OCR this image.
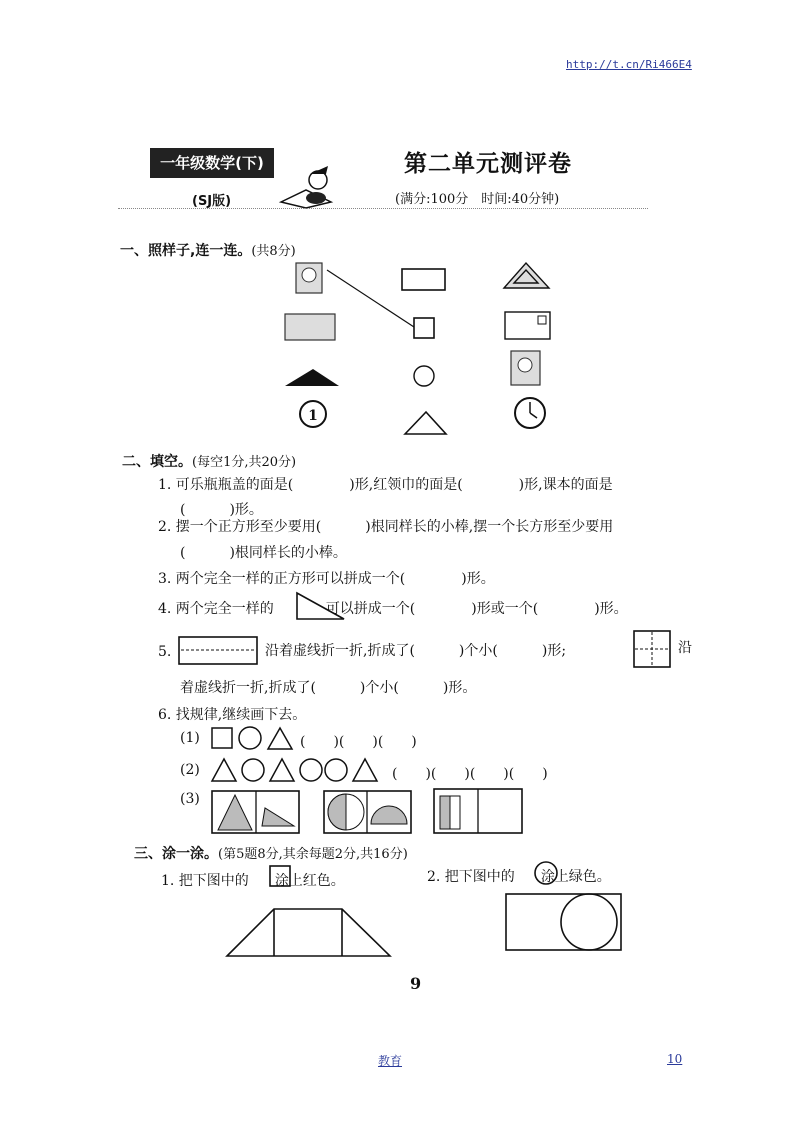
http://t.cn/Ri466E4
一年级数学(下)
(SJ版)
第二单元测评卷
(满分:100分　时间:40分钟)
一、照样子,连一连。(共8分)
1
二、填空。(每空1分,共20分)
1. 可乐瓶瓶盖的面是(	)形,红领巾的面是(	)形,课本的面是
(	)形。
2. 摆一个正方形至少要用(	)根同样长的小棒,摆一个长方形至少要用
(	)根同样长的小棒。
3. 两个完全一样的正方形可以拼成一个(	)形。
4. 两个完全一样的	可以拼成一个(	)形或一个(	)形。
5.	沿着虚线折一折,折成了(	)个小(	)形;	沿
着虚线折一折,折成了(	)个小(	)形。
6. 找规律,继续画下去。
(1)	(　　)(　　)(　　)
(2)	(　　)(　　)(　　)(　　)
(3)
三、涂一涂。(第5题8分,其余每题2分,共16分)
1. 把下图中的 涂上红色。	2. 把下图中的 涂上绿色。
9
教育	10
